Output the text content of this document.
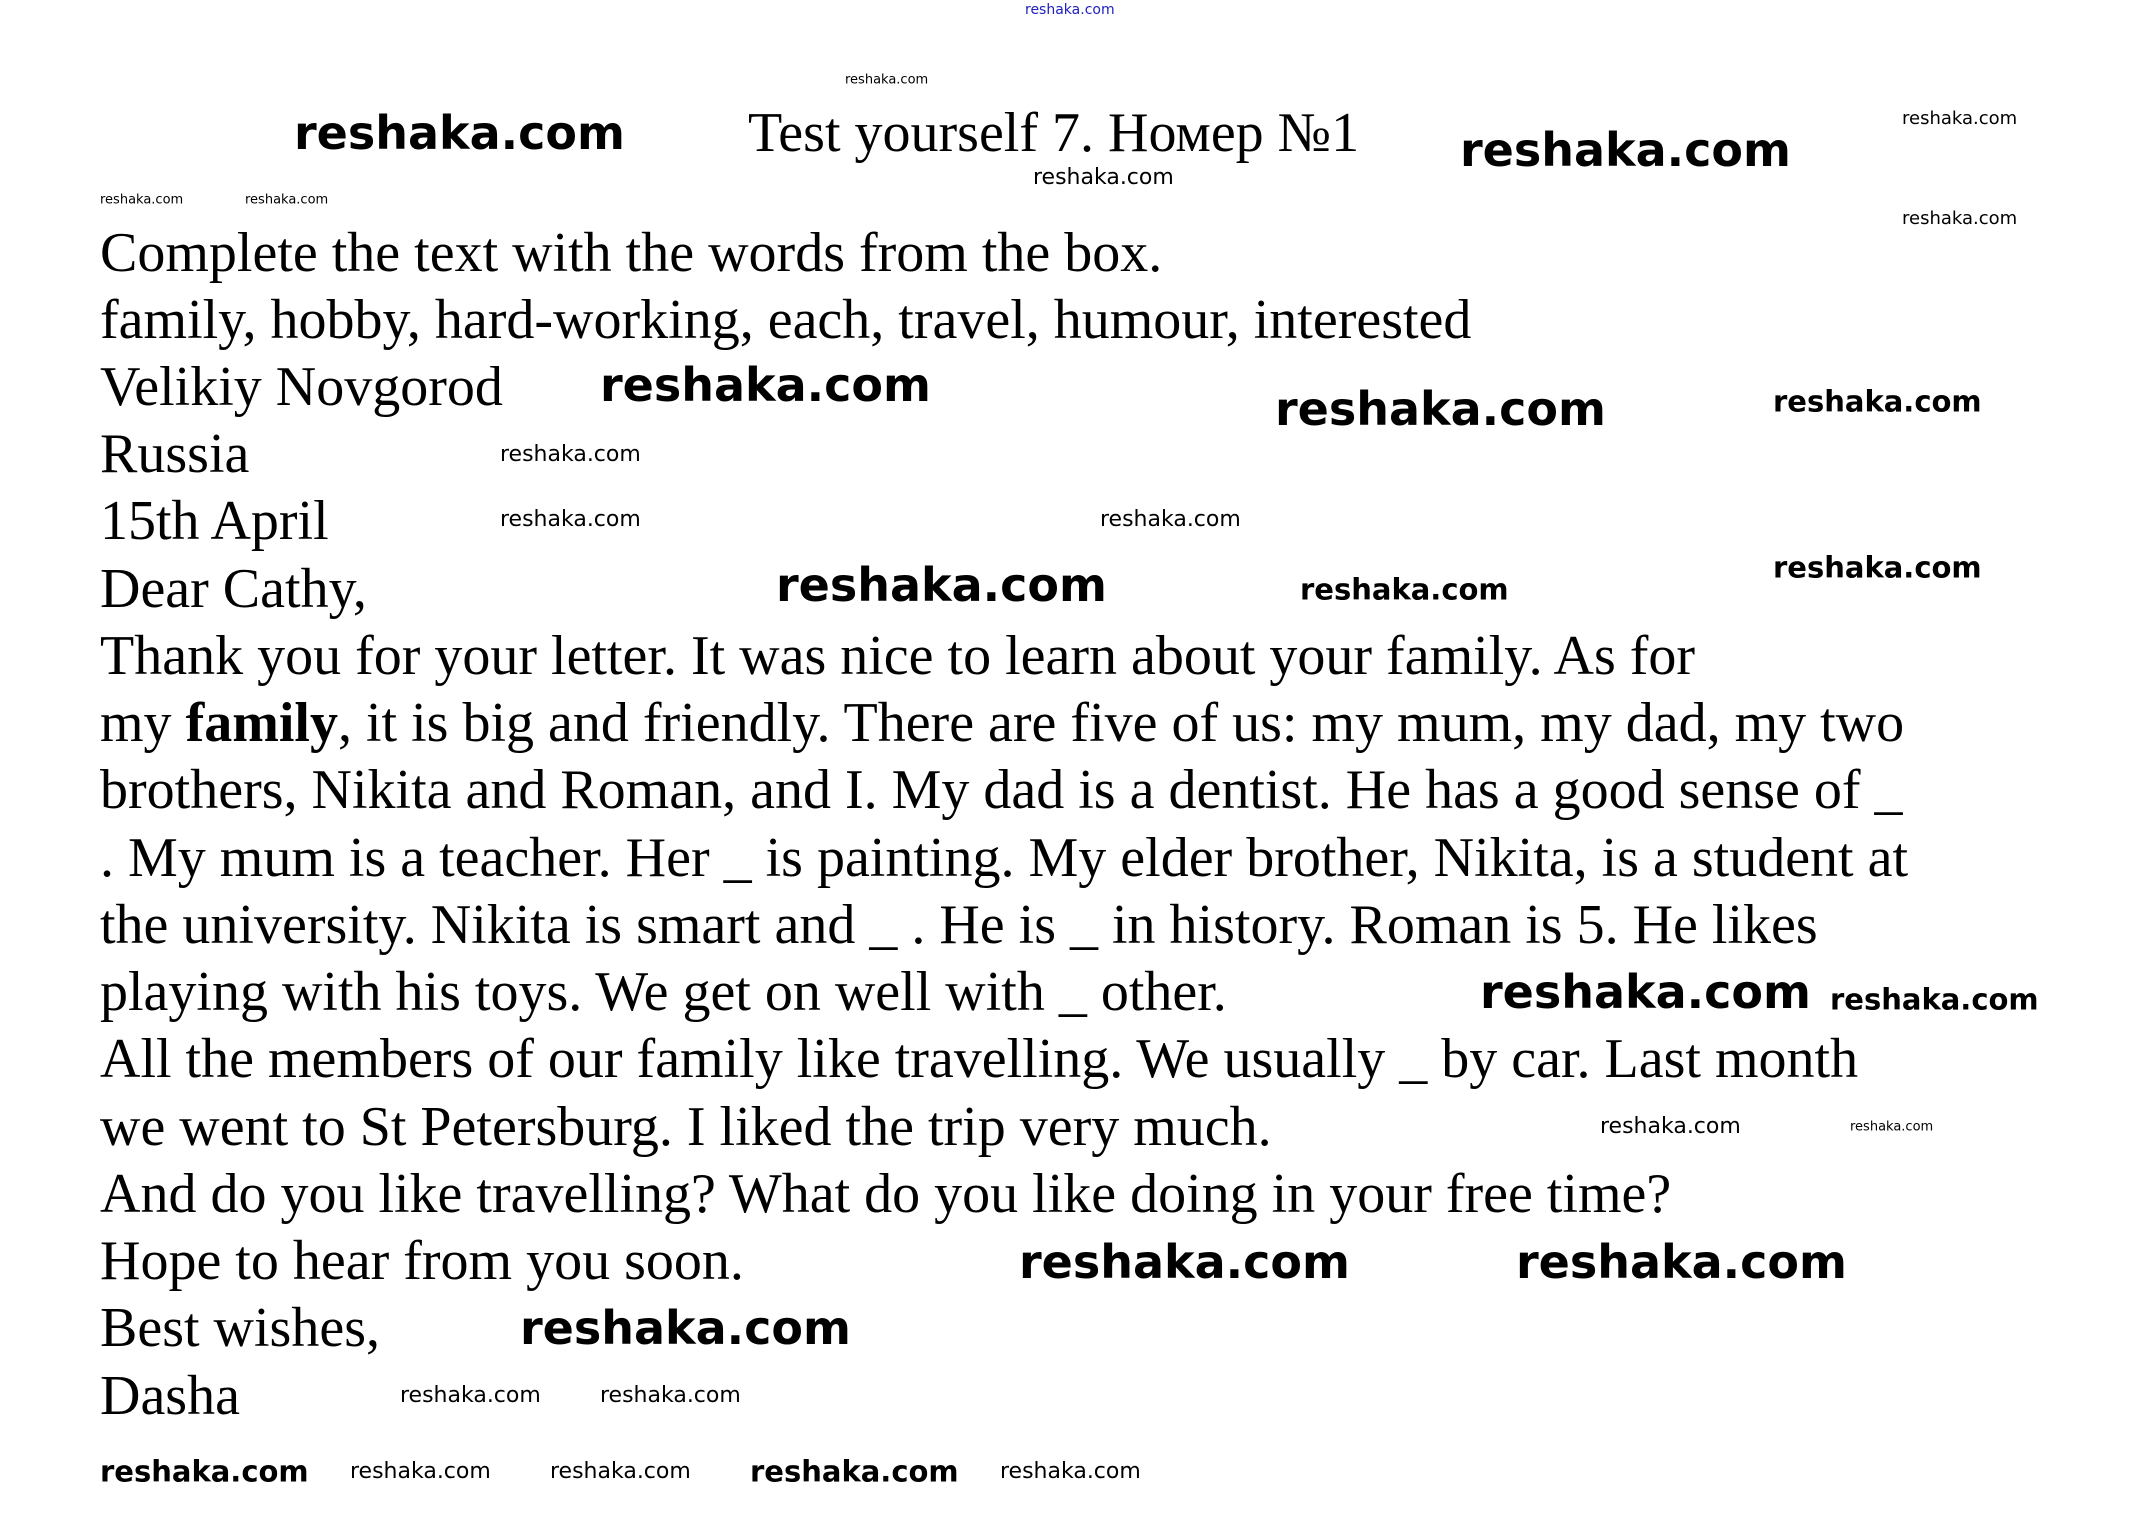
reshaka.com
Test yourself 7. Номер №1
Complete the text with the words from the box.
family, hobby, hard-working, each, travel, humour, interested
Velikiy Novgorod
Russia
15th April
Dear Cathy,
Thank you for your letter. It was nice to learn about your family. As for
my family, it is big and friendly. There are five of us: my mum, my dad, my two
brothers, Nikita and Roman, and I. My dad is a dentist. He has a good sense of _
. My mum is a teacher. Her _ is painting. My elder brother, Nikita, is a student at
the university. Nikita is smart and _ . He is _ in history. Roman is 5. He likes
playing with his toys. We get on well with _ other.
All the members of our family like travelling. We usually _ by car. Last month
we went to St Petersburg. I liked the trip very much.
And do you like travelling? What do you like doing in your free time?
Hope to hear from you soon.
Best wishes,
Dasha
reshaka.com	reshaka.com
reshaka.com	reshaka.com
reshaka.com
reshaka.com
reshaka.com	reshaka.com
reshaka.com
reshaka.com
reshaka.com
reshaka.com
reshaka.com
reshaka.com
reshaka.com
reshaka.com
reshaka.com
reshaka.com
reshaka.com
reshaka.com
reshaka.com
reshaka.com	reshaka.com
reshaka.com	reshaka.com
reshaka.com
reshaka.com
reshaka.com
reshaka.com	reshaka.com
reshaka.com
